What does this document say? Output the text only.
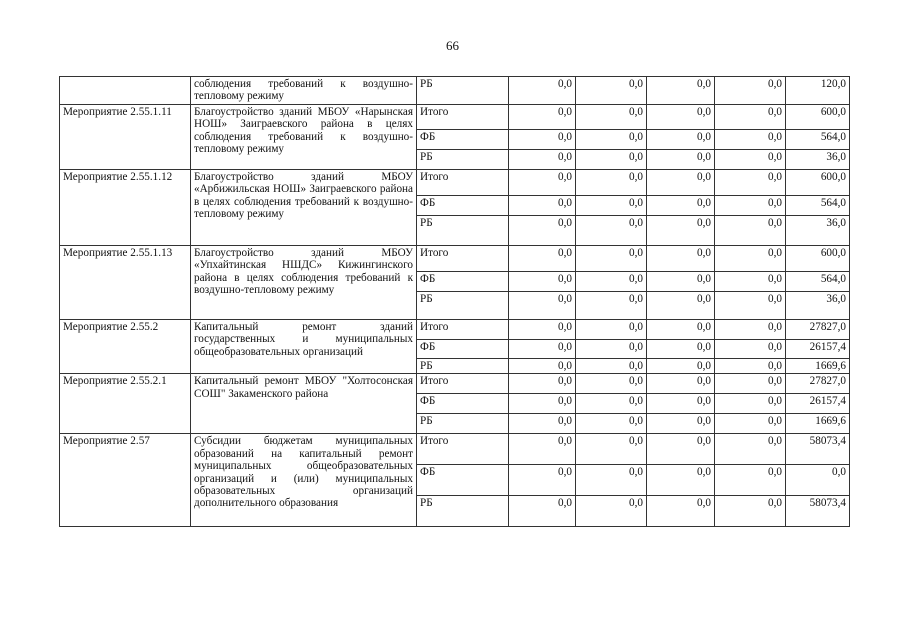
66
	соблюдения требований к воздушно-тепловому режиму	РБ	0,0	0,0	0,0	0,0	120,0
Мероприятие 2.55.1.11	Благоустройство зданий МБОУ «Нарынская НОШ» Заиграевского района в целях соблюдения требований к воздушно-тепловому режиму	Итого	0,0	0,0	0,0	0,0	600,0
		ФБ	0,0	0,0	0,0	0,0	564,0
		РБ	0,0	0,0	0,0	0,0	36,0
Мероприятие 2.55.1.12	Благоустройство зданий МБОУ «Арбижильская НОШ» Заиграевского района в целях соблюдения требований к воздушно-тепловому режиму	Итого	0,0	0,0	0,0	0,0	600,0
		ФБ	0,0	0,0	0,0	0,0	564,0
		РБ	0,0	0,0	0,0	0,0	36,0
Мероприятие 2.55.1.13	Благоустройство зданий МБОУ «Упхайтинская НШДС» Кижингинского района в целях соблюдения требований к воздушно-тепловому режиму	Итого	0,0	0,0	0,0	0,0	600,0
		ФБ	0,0	0,0	0,0	0,0	564,0
		РБ	0,0	0,0	0,0	0,0	36,0
Мероприятие 2.55.2	Капитальный ремонт зданий государственных и муниципальных общеобразовательных организаций	Итого	0,0	0,0	0,0	0,0	27827,0
		ФБ	0,0	0,0	0,0	0,0	26157,4
		РБ	0,0	0,0	0,0	0,0	1669,6
Мероприятие 2.55.2.1	Капитальный ремонт МБОУ "Холтосонская СОШ" Закаменского района	Итого	0,0	0,0	0,0	0,0	27827,0
		ФБ	0,0	0,0	0,0	0,0	26157,4
		РБ	0,0	0,0	0,0	0,0	1669,6
Мероприятие 2.57	Субсидии бюджетам муниципальных образований на капитальный ремонт муниципальных общеобразовательных организаций и (или) муниципальных образовательных организаций дополнительного образования	Итого	0,0	0,0	0,0	0,0	58073,4
		ФБ	0,0	0,0	0,0	0,0	0,0
		РБ	0,0	0,0	0,0	0,0	58073,4
